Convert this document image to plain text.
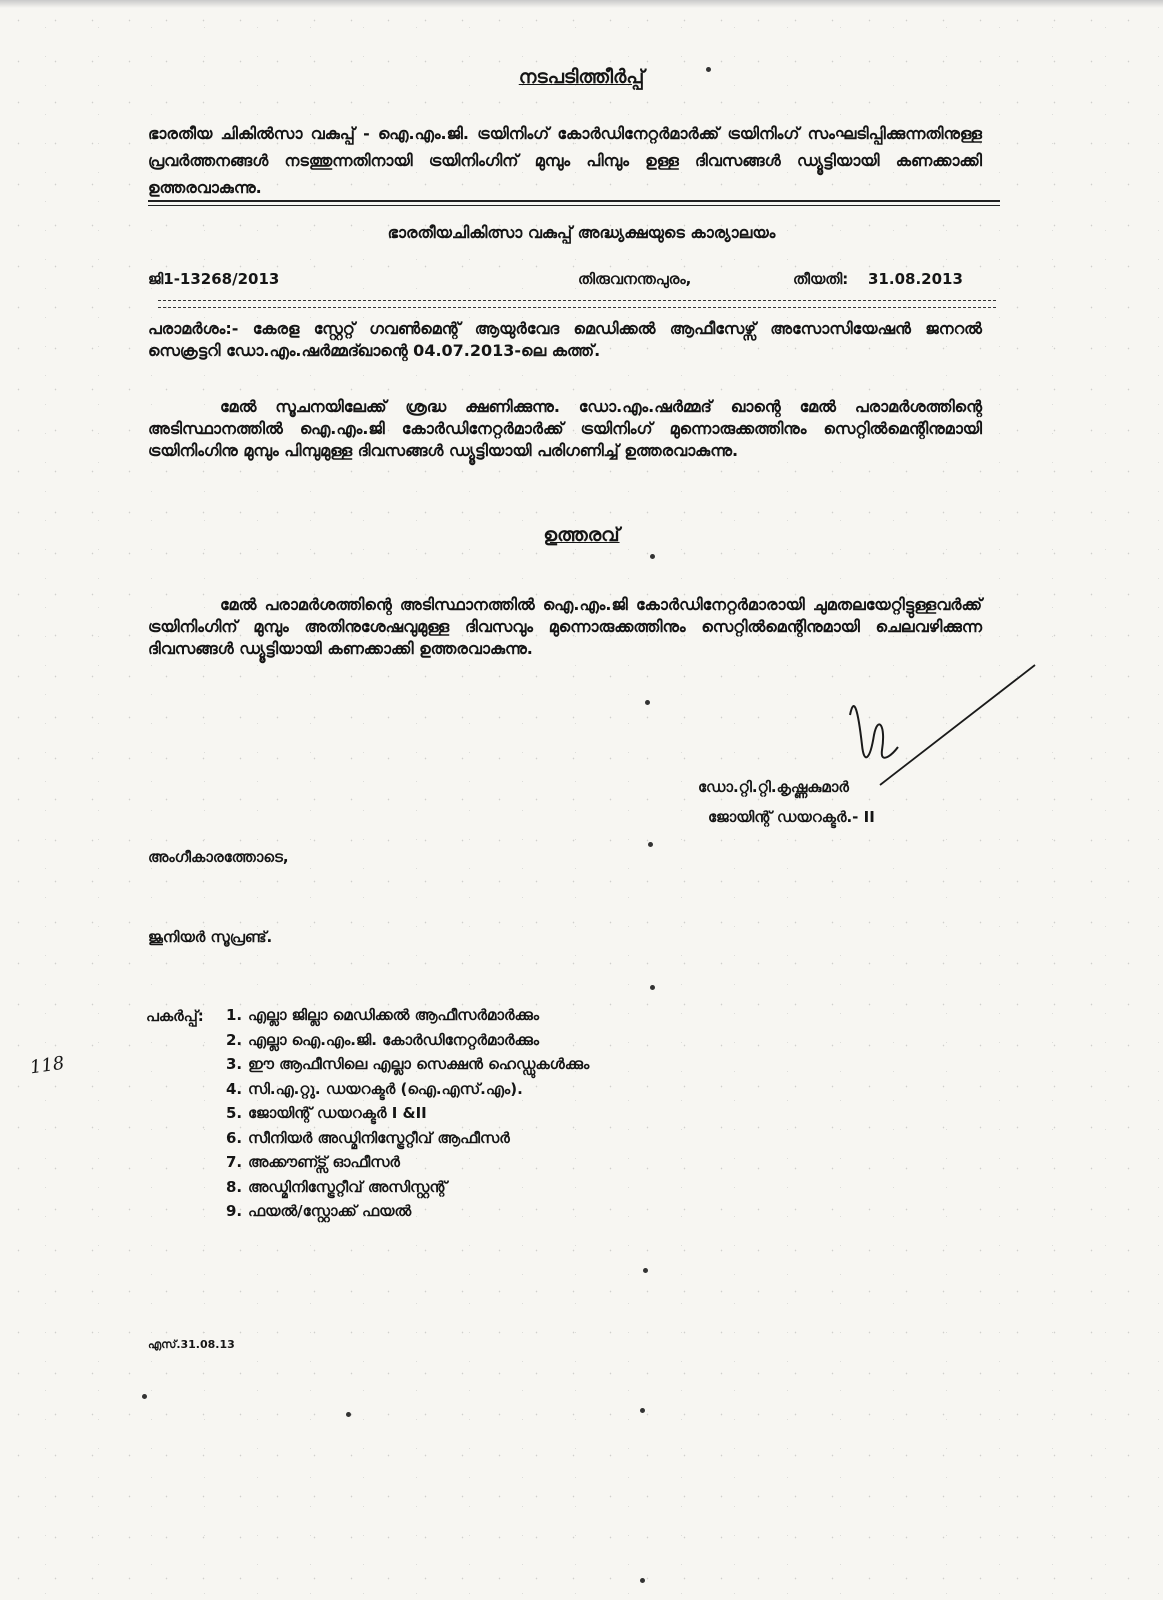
നടപടിത്തീർപ്പ്
ഭാരതീയ ചികിൽസാ വകുപ്പ് - ഐ.എം.ജി. ട്രയിനിംഗ് കോർഡിനേറ്റർമാർക്ക് ട്രയിനിംഗ് സംഘടിപ്പിക്കുന്നതിനുള്ള പ്രവർത്തനങ്ങൾ നടത്തുന്നതിനായി ട്രയിനിംഗിന് മുമ്പും പിമ്പും ഉള്ള ദിവസങ്ങൾ ഡ്യൂട്ടിയായി കണക്കാക്കി ഉത്തരവാകുന്നു.
ഭാരതീയചികിത്സാ വകുപ്പ് അദ്ധ്യക്ഷയുടെ കാര്യാലയം
ജി1-13268/2013	തിരുവനന്തപുരം,	തീയതി: 31.08.2013
പരാമർശം:- കേരള സ്റ്റേറ്റ് ഗവൺമെന്റ് ആയുർവേദ മെഡിക്കൽ ആഫീസേഴ്സ് അസോസിയേഷൻ ജനറൽ സെക്രട്ടറി ഡോ.എം.ഷർമ്മദ്ഖാന്റെ 04.07.2013-ലെ കത്ത്.
മേൽ സൂചനയിലേക്ക് ശ്രദ്ധ ക്ഷണിക്കുന്നു. ഡോ.എം.ഷർമ്മദ് ഖാന്റെ മേൽ പരാമർശത്തിന്റെ അടിസ്ഥാനത്തിൽ ഐ.എം.ജി കോർഡിനേറ്റർമാർക്ക് ട്രയിനിംഗ് മുന്നൊരുക്കത്തിനും സെറ്റിൽമെന്റിനുമായി ട്രയിനിംഗിനു മുമ്പും പിമ്പുമുള്ള ദിവസങ്ങൾ ഡ്യൂട്ടിയായി പരിഗണിച്ച് ഉത്തരവാകുന്നു.
ഉത്തരവ്
മേൽ പരാമർശത്തിന്റെ അടിസ്ഥാനത്തിൽ ഐ.എം.ജി കോർഡിനേറ്റർമാരായി ചുമതലയേറ്റിട്ടുള്ളവർക്ക് ട്രയിനിംഗിന് മുമ്പും അതിനുശേഷവുമുള്ള ദിവസവും മുന്നൊരുക്കത്തിനും സെറ്റിൽമെന്റിനുമായി ചെലവഴിക്കുന്ന ദിവസങ്ങൾ ഡ്യൂട്ടിയായി കണക്കാക്കി ഉത്തരവാകുന്നു.
ഡോ.റ്റി.റ്റി.കൃഷ്ണകുമാർ
ജോയിന്റ് ഡയറക്ടർ.- II
അംഗീകാരത്തോടെ,
ജൂനിയർ സൂപ്രണ്ട്.
പകർപ്പ്: 1. എല്ലാ ജില്ലാ മെഡിക്കൽ ആഫീസർമാർക്കും
2. എല്ലാ ഐ.എം.ജി. കോർഡിനേറ്റർമാർക്കും
3. ഈ ആഫീസിലെ എല്ലാ സെക്ഷൻ ഹെഡ്ഡുകൾക്കും
4. സി.എ.റ്റു. ഡയറക്ടർ (ഐ.എസ്.എം).
5. ജോയിന്റ് ഡയറക്ടർ I &II
6. സീനിയർ അഡ്മിനിസ്ട്രേറ്റീവ് ആഫീസർ
7. അക്കൗണ്ട്സ് ഓഫീസർ
8. അഡ്മിനിസ്ട്രേറ്റീവ് അസിസ്റ്റന്റ്
9. ഫയൽ/സ്റ്റോക്ക് ഫയൽ
118
എസ്.31.08.13
